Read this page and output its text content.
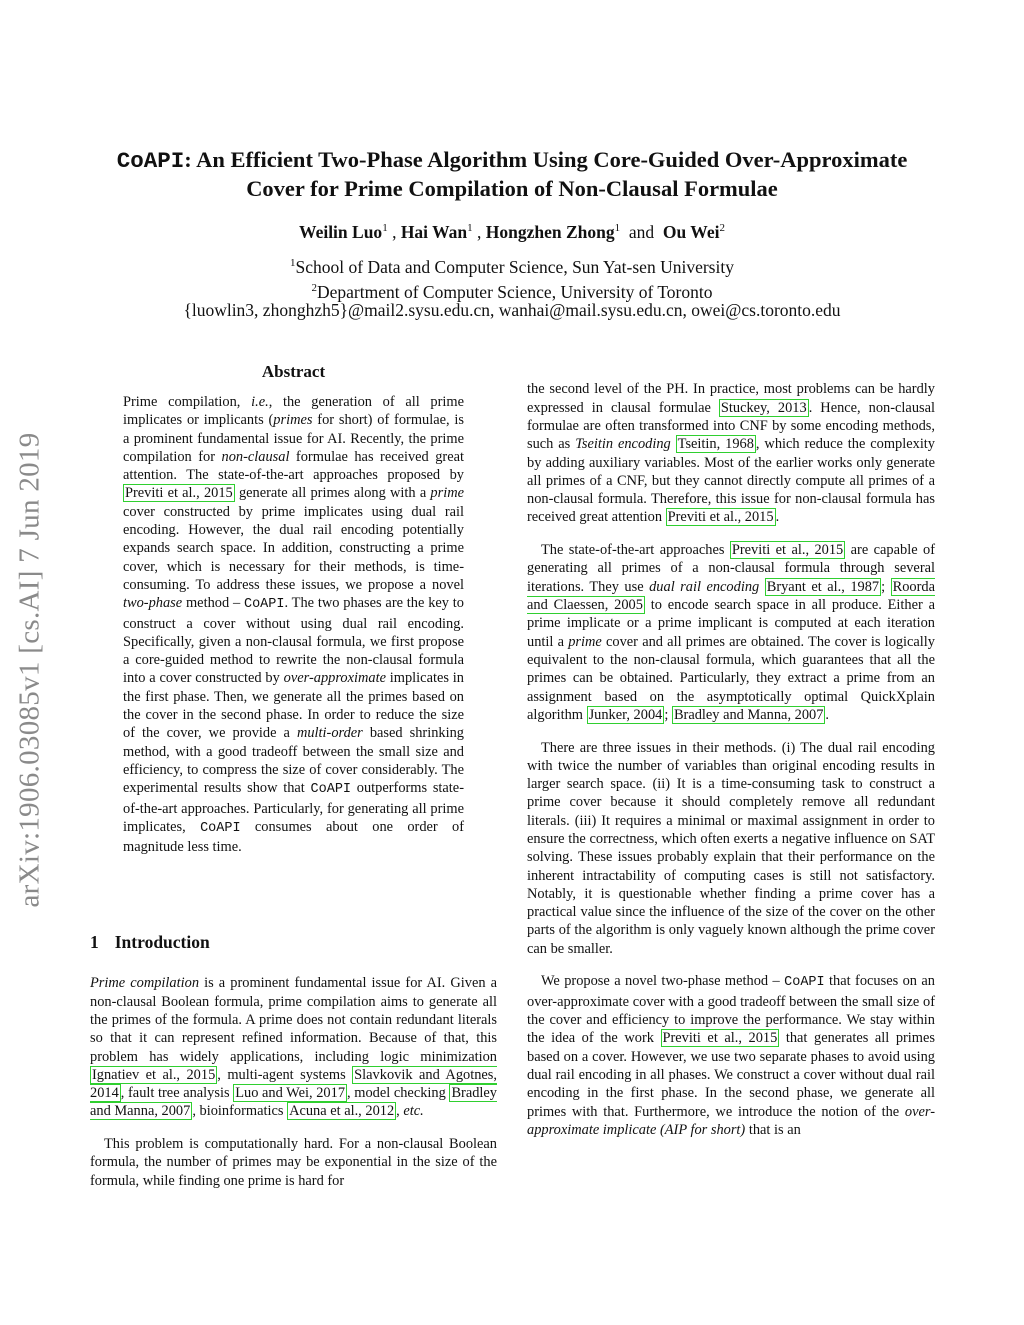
arXiv:1906.03085v1 [cs.AI] 7 Jun 2019
CoAPI: An Efficient Two-Phase Algorithm Using Core-Guided Over-Approximate
Cover for Prime Compilation of Non-Clausal Formulae
Weilin Luo$^1$ , Hai Wan$^1$ , Hongzhen Zhong$^1$ and Ou Wei$^2$
$^1$School of Data and Computer Science, Sun Yat-sen University
$^2$Department of Computer Science, University of Toronto
{luowlin3, zhonghzh5}@mail2.sysu.edu.cn, wanhai@mail.sysu.edu.cn, owei@cs.toronto.edu
Abstract
Prime compilation, i.e., the generation of all prime implicates or implicants (primes for short) of formulae, is a prominent fundamental issue for AI. Recently, the prime compilation for non-clausal formulae has received great attention. The state-of-the-art approaches proposed by Previti et al., 2015 generate all primes along with a prime cover constructed by prime implicates using dual rail encoding. However, the dual rail encoding potentially expands search space. In addition, constructing a prime cover, which is necessary for their methods, is time-consuming. To address these issues, we propose a novel two-phase method – CoAPI. The two phases are the key to construct a cover without using dual rail encoding. Specifically, given a non-clausal formula, we first propose a core-guided method to rewrite the non-clausal formula into a cover constructed by over-approximate implicates in the first phase. Then, we generate all the primes based on the cover in the second phase. In order to reduce the size of the cover, we provide a multi-order based shrinking method, with a good tradeoff between the small size and efficiency, to compress the size of cover considerably. The experimental results show that CoAPI outperforms state-of-the-art approaches. Particularly, for generating all prime implicates, CoAPI consumes about one order of magnitude less time.
1 Introduction

Prime compilation is a prominent fundamental issue for AI. Given a non-clausal Boolean formula, prime compilation aims to generate all the primes of the formula. A prime does not contain redundant literals so that it can represent refined information. Because of that, this problem has widely applications, including logic minimization Ignatiev et al., 2015 , multi-agent systems Slavkovik and Agotnes, 2014 , fault tree analysis Luo and Wei, 2017 , model checking Bradley and Manna, 2007 , bioinformatics Acuna et al., 2012 , etc.

This problem is computationally hard. For a non-clausal Boolean formula, the number of primes may be exponential in the size of the formula, while finding one prime is hard for

the second level of the PH. In practice, most problems can be hardly expressed in clausal formulae Stuckey, 2013 . Hence, non-clausal formulae are often transformed into CNF by some encoding methods, such as Tseitin encoding Tseitin, 1968 , which reduce the complexity by adding auxiliary variables. Most of the earlier works only generate all primes of a CNF, but they cannot directly compute all primes of a non-clausal formula. Therefore, this issue for non-clausal formula has received great attention Previti et al., 2015 .

The state-of-the-art approaches Previti et al., 2015 are capable of generating all primes of a non-clausal formula through several iterations. They use dual rail encoding Bryant et al., 1987 ; Roorda and Claessen, 2005 to encode search space in all produce. Either a prime implicate or a prime implicant is computed at each iteration until a prime cover and all primes are obtained. The cover is logically equivalent to the non-clausal formula, which guarantees that all the primes can be obtained. Particularly, they extract a prime from an assignment based on the asymptotically optimal QuickXplain algorithm Junker, 2004 ; Bradley and Manna, 2007 .

There are three issues in their methods. (i) The dual rail encoding with twice the number of variables than original encoding results in larger search space. (ii) It is a time-consuming task to construct a prime cover because it should completely remove all redundant literals. (iii) It requires a minimal or maximal assignment in order to ensure the correctness, which often exerts a negative influence on SAT solving. These issues probably explain that their performance on the inherent intractability of computing cases is still not satisfactory. Notably, it is questionable whether finding a prime cover has a practical value since the influence of the size of the cover on the other parts of the algorithm is only vaguely known although the prime cover can be smaller.

We propose a novel two-phase method – CoAPI that focuses on an over-approximate cover with a good tradeoff between the small size of the cover and efficiency to improve the performance. We stay within the idea of the work Previti et al., 2015 that generates all primes based on a cover. However, we use two separate phases to avoid using dual rail encoding in all phases. We construct a cover without dual rail encoding in the first phase. In the second phase, we generate all primes with that. Furthermore, we introduce the notion of the over-approximate implicate (AIP for short) that is an
